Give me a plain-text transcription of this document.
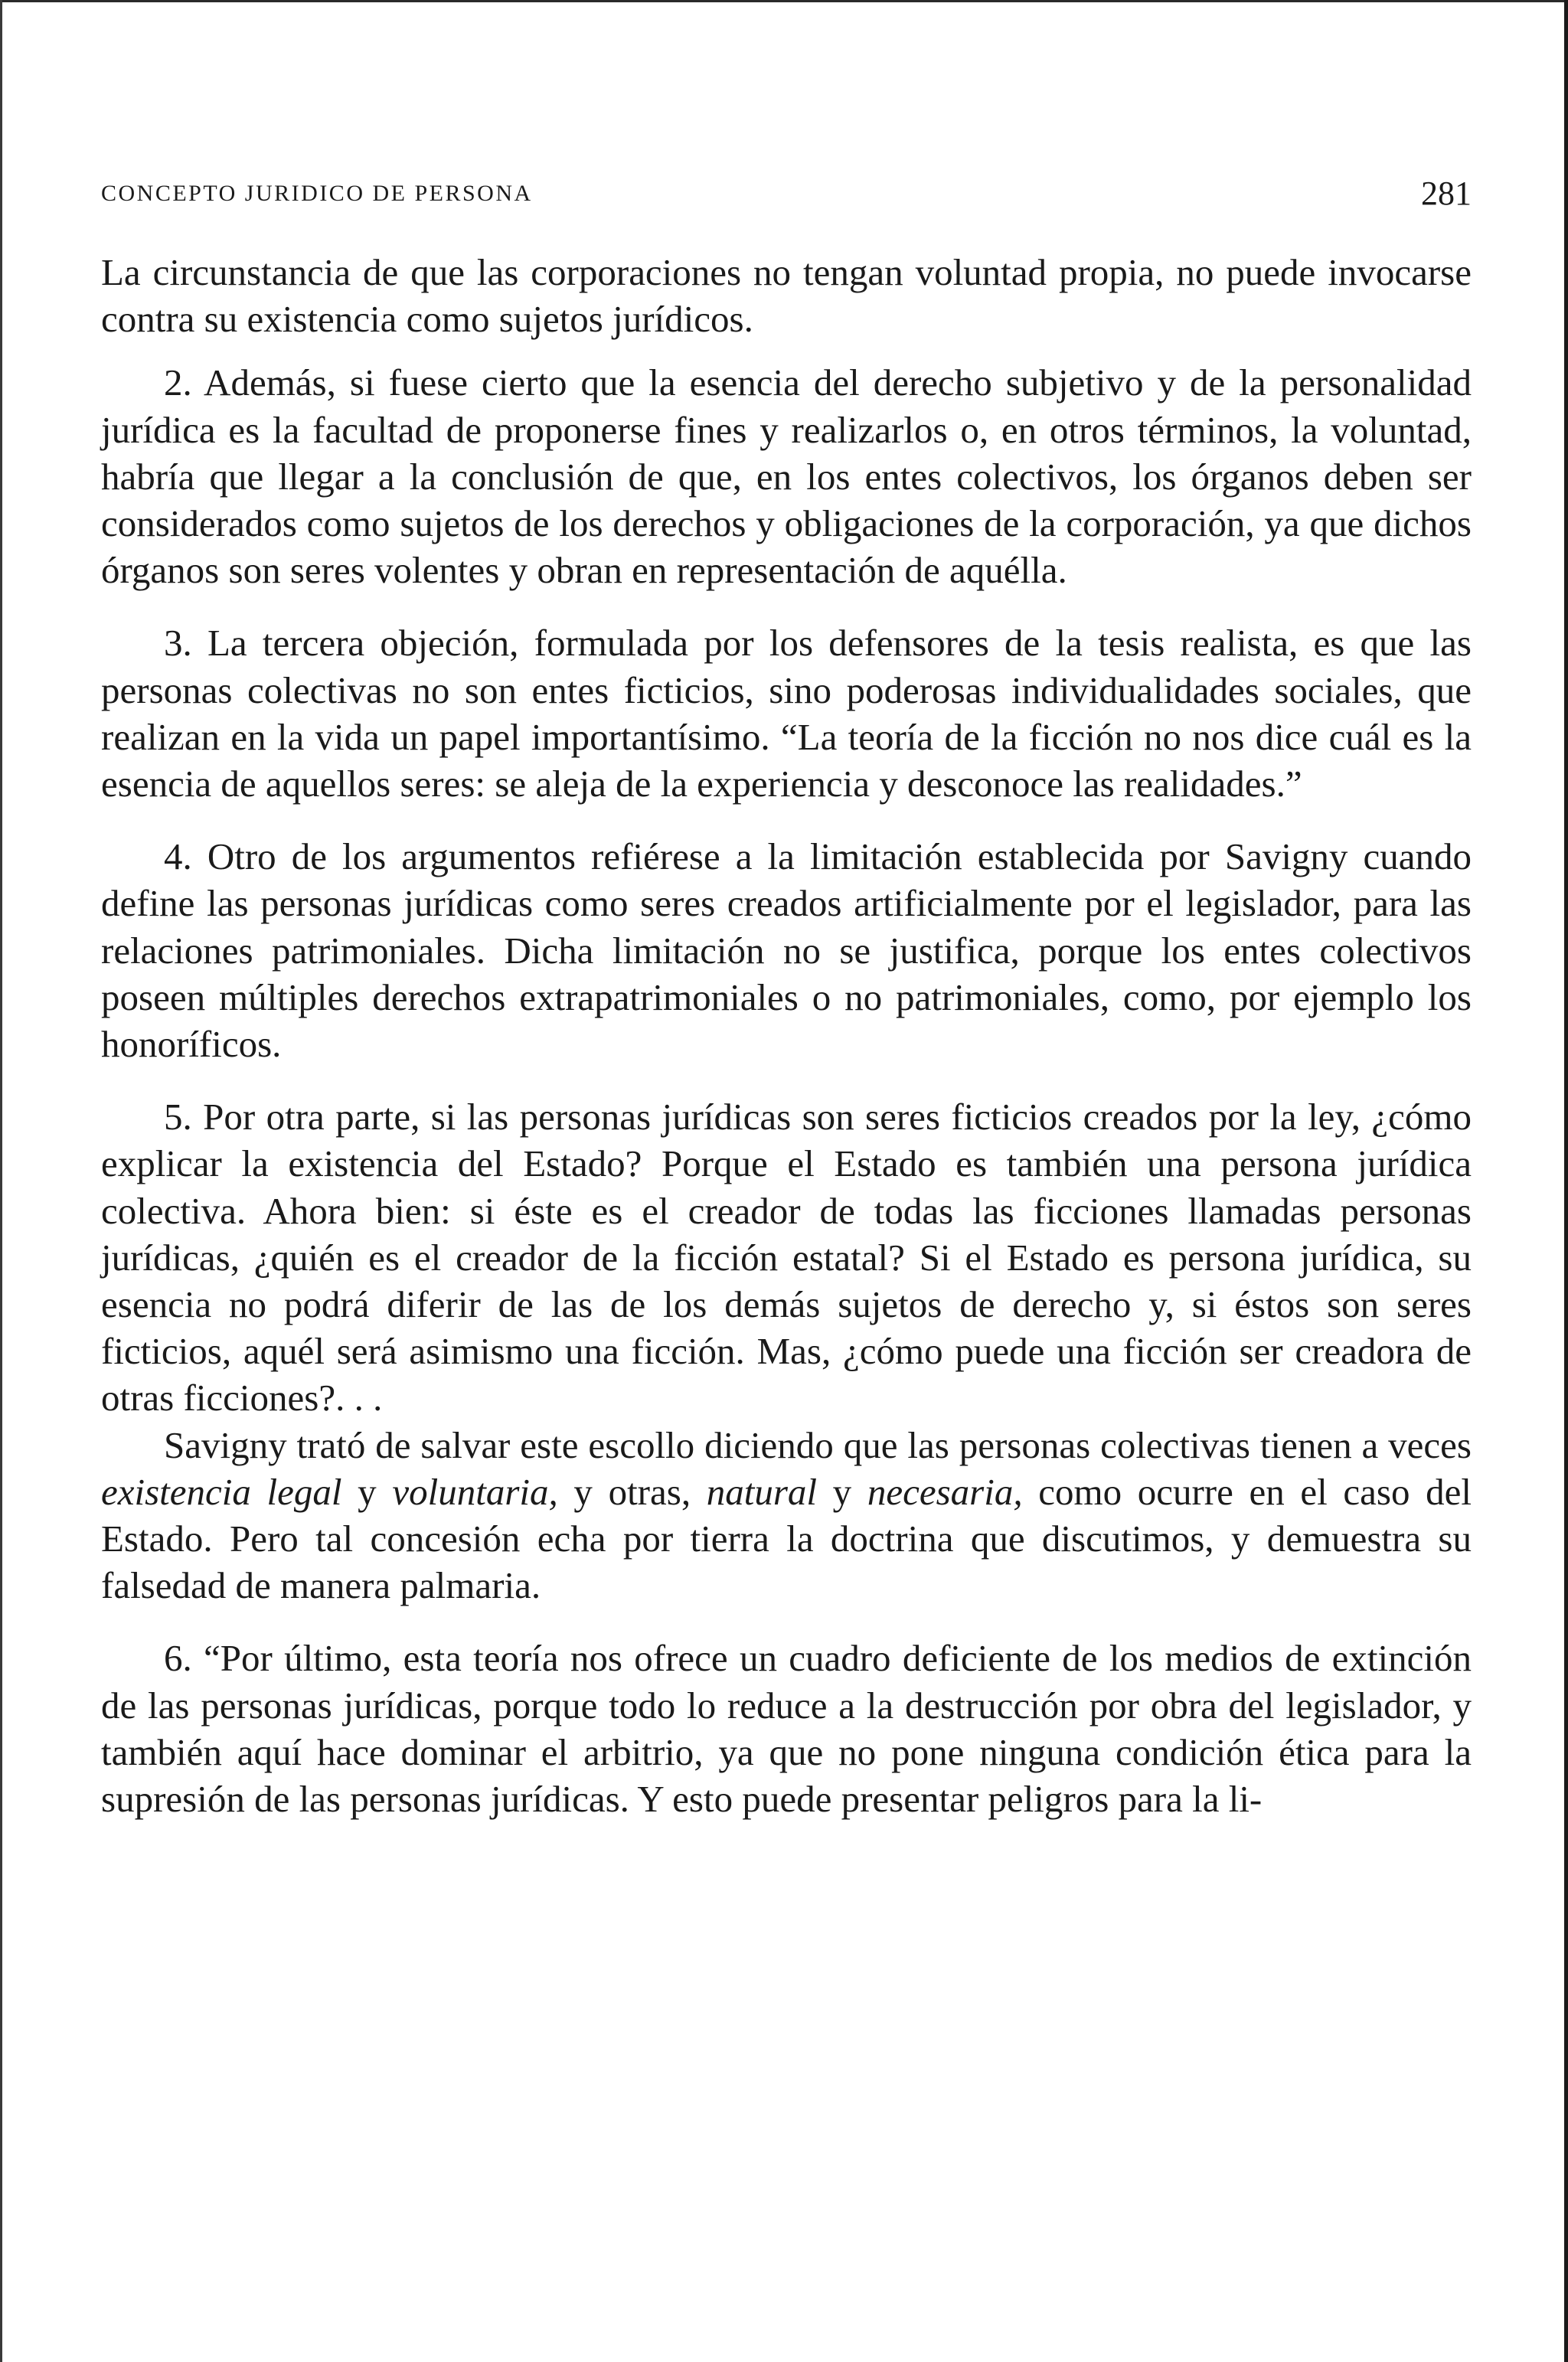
CONCEPTO JURIDICO DE PERSONA	281

La circunstancia de que las corporaciones no tengan voluntad propia, no puede invocarse contra su existencia como sujetos jurídicos.

2. Además, si fuese cierto que la esencia del derecho subjetivo y de la personalidad jurídica es la facultad de proponerse fines y realizarlos o, en otros términos, la voluntad, habría que llegar a la conclusión de que, en los entes colectivos, los órganos deben ser considerados como sujetos de los derechos y obligaciones de la corporación, ya que dichos órganos son seres volentes y obran en representación de aquélla.

3. La tercera objeción, formulada por los defensores de la tesis realista, es que las personas colectivas no son entes ficticios, sino poderosas individualidades sociales, que realizan en la vida un papel importantísimo. “La teoría de la ficción no nos dice cuál es la esencia de aquellos seres: se aleja de la experiencia y desconoce las realidades.”

4. Otro de los argumentos refiérese a la limitación establecida por Savigny cuando define las personas jurídicas como seres creados artificialmente por el legislador, para las relaciones patrimoniales. Dicha limitación no se justifica, porque los entes colectivos poseen múltiples derechos extrapatrimoniales o no patrimoniales, como, por ejemplo los honoríficos.

5. Por otra parte, si las personas jurídicas son seres ficticios creados por la ley, ¿cómo explicar la existencia del Estado? Porque el Estado es también una persona jurídica colectiva. Ahora bien: si éste es el creador de todas las ficciones llamadas personas jurídicas, ¿quién es el creador de la ficción estatal? Si el Estado es persona jurídica, su esencia no podrá diferir de las de los demás sujetos de derecho y, si éstos son seres ficticios, aquél será asimismo una ficción. Mas, ¿cómo puede una ficción ser creadora de otras ficciones?. . .

Savigny trató de salvar este escollo diciendo que las personas colectivas tienen a veces existencia legal y voluntaria, y otras, natural y necesaria, como ocurre en el caso del Estado. Pero tal concesión echa por tierra la doctrina que discutimos, y demuestra su falsedad de manera palmaria.

6. “Por último, esta teoría nos ofrece un cuadro deficiente de los medios de extinción de las personas jurídicas, porque todo lo reduce a la destrucción por obra del legislador, y también aquí hace dominar el arbitrio, ya que no pone ninguna condición ética para la supresión de las personas jurídicas. Y esto puede presentar peligros para la li-
